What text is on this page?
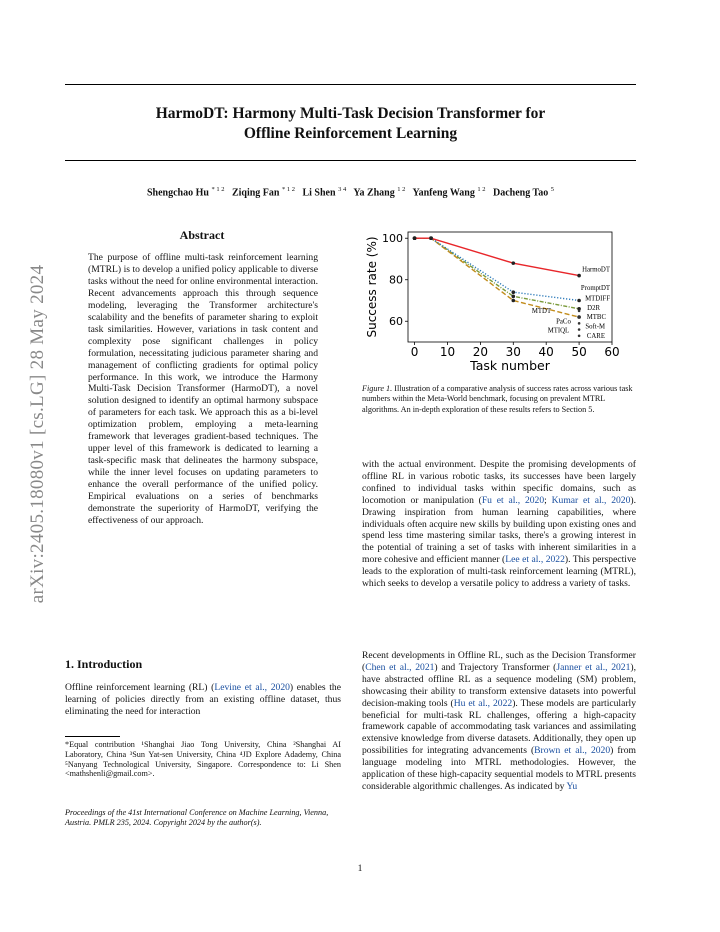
HarmoDT: Harmony Multi-Task Decision Transformer for
Offline Reinforcement Learning
Shengchao Hu $^{* 1 2}$ Ziqing Fan $^{* 1 2}$ Li Shen $^{3 4}$ Ya Zhang $^{1 2}$ Yanfeng Wang $^{1 2}$ Dacheng Tao $^5$
arXiv:2405.18080v1 [cs.LG] 28 May 2024
Abstract
The purpose of offline multi-task reinforcement learning (MTRL) is to develop a unified policy applicable to diverse tasks without the need for online environmental interaction. Recent advancements approach this through sequence modeling, leveraging the Transformer architecture's scalability and the benefits of parameter sharing to exploit task similarities. However, variations in task content and complexity pose significant challenges in policy formulation, necessitating judicious parameter sharing and management of conflicting gradients for optimal policy performance. In this work, we introduce the Harmony Multi-Task Decision Transformer (HarmoDT), a novel solution designed to identify an optimal harmony subspace of parameters for each task. We approach this as a bi-level optimization problem, employing a meta-learning framework that leverages gradient-based techniques. The upper level of this framework is dedicated to learning a task-specific mask that delineates the harmony subspace, while the inner level focuses on updating parameters to enhance the overall performance of the unified policy. Empirical evaluations on a series of benchmarks demonstrate the superiority of HarmoDT, verifying the effectiveness of our approach.
1. Introduction
Offline reinforcement learning (RL) (Levine et al., 2020) enables the learning of policies directly from an existing offline dataset, thus eliminating the need for interaction
*Equal contribution ¹Shanghai Jiao Tong University, China ²Shanghai AI Laboratory, China ³Sun Yat-sen University, China ⁴JD Explore Adademy, China ⁵Nanyang Technological University, Singapore. Correspondence to: Li Shen <mathshenli@gmail.com>.
Proceedings of the 41st International Conference on Machine Learning, Vienna, Austria. PMLR 235, 2024. Copyright 2024 by the author(s).
0 10 20 30 40 50 60
60
80
100
Task number
Success rate (%)	HarmoDT
PromptDT
MTDIFF
D2R
MTBC
Soft-M
CARE
MTDT
PaCo
MTIQL
Figure 1. Illustration of a comparative analysis of success rates across various task numbers within the Meta-World benchmark, focusing on prevalent MTRL algorithms. An in-depth exploration of these results refers to Section 5.
with the actual environment. Despite the promising developments of offline RL in various robotic tasks, its successes have been largely confined to individual tasks within specific domains, such as locomotion or manipulation (Fu et al., 2020; Kumar et al., 2020). Drawing inspiration from human learning capabilities, where individuals often acquire new skills by building upon existing ones and spend less time mastering similar tasks, there's a growing interest in the potential of training a set of tasks with inherent similarities in a more cohesive and efficient manner (Lee et al., 2022). This perspective leads to the exploration of multi-task reinforcement learning (MTRL), which seeks to develop a versatile policy to address a variety of tasks.
Recent developments in Offline RL, such as the Decision Transformer (Chen et al., 2021) and Trajectory Transformer (Janner et al., 2021), have abstracted offline RL as a sequence modeling (SM) problem, showcasing their ability to transform extensive datasets into powerful decision-making tools (Hu et al., 2022). These models are particularly beneficial for multi-task RL challenges, offering a high-capacity framework capable of accommodating task variances and assimilating extensive knowledge from diverse datasets. Additionally, they open up possibilities for integrating advancements (Brown et al., 2020) from language modeling into MTRL methodologies. However, the application of these high-capacity sequential models to MTRL presents considerable algorithmic challenges. As indicated by Yu
1
